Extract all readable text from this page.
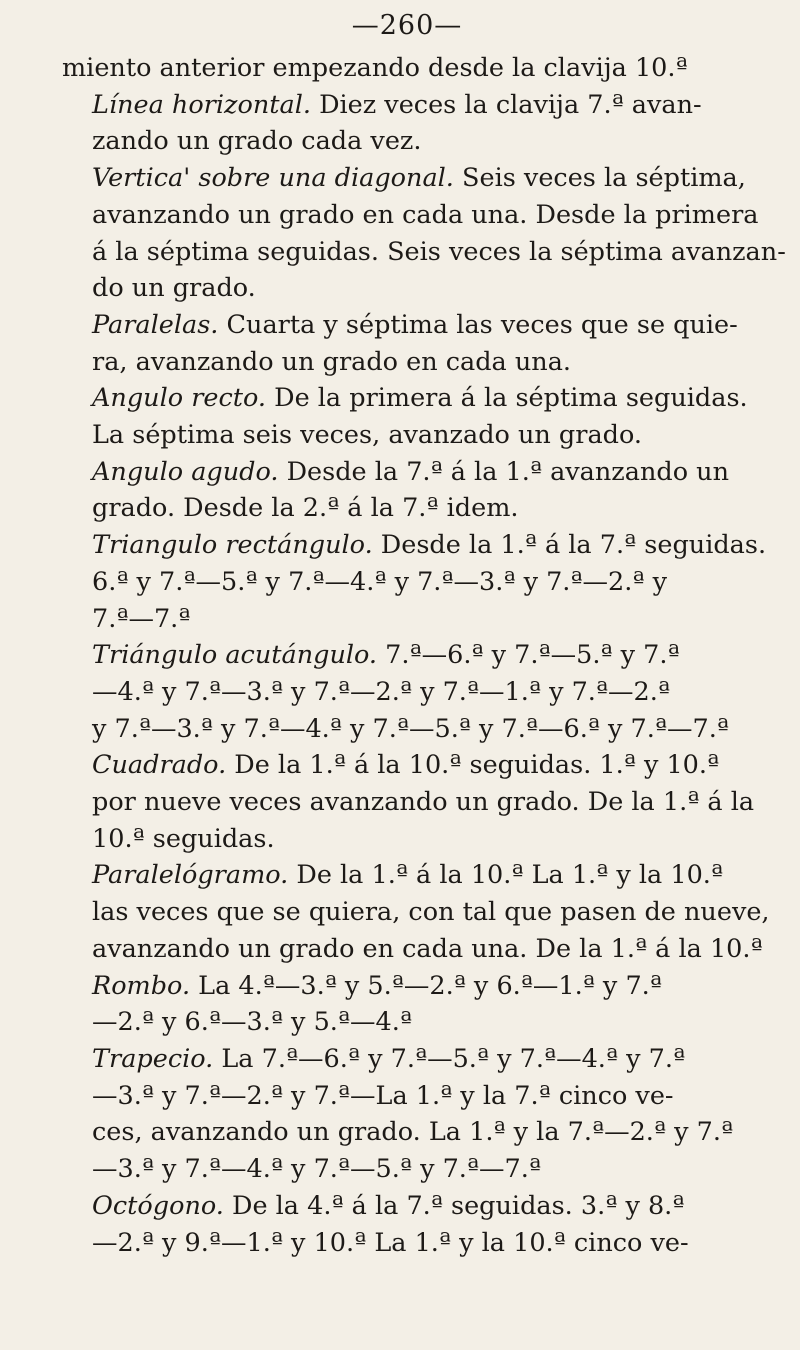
—260—
miento anterior empezando desde la clavija 10.ª
Línea horizontal. Diez veces la clavija 7.ª avan-
zando un grado cada vez.
Vertica' sobre una diagonal. Seis veces la séptima,
avanzando un grado en cada una. Desde la primera
á la séptima seguidas. Seis veces la séptima avanzan-
do un grado.
Paralelas. Cuarta y séptima las veces que se quie-
ra, avanzando un grado en cada una.
Angulo recto. De la primera á la séptima seguidas.
La séptima seis veces, avanzado un grado.
Angulo agudo. Desde la 7.ª á la 1.ª avanzando un
grado. Desde la 2.ª á la 7.ª idem.
Triangulo rectángulo. Desde la 1.ª á la 7.ª seguidas.
6.ª y 7.ª—5.ª y 7.ª—4.ª y 7.ª—3.ª y 7.ª—2.ª y
7.ª—7.ª
Triángulo acutángulo. 7.ª—6.ª y 7.ª—5.ª y 7.ª
—4.ª y 7.ª—3.ª y 7.ª—2.ª y 7.ª—1.ª y 7.ª—2.ª
y 7.ª—3.ª y 7.ª—4.ª y 7.ª—5.ª y 7.ª—6.ª y 7.ª—7.ª
Cuadrado. De la 1.ª á la 10.ª seguidas. 1.ª y 10.ª
por nueve veces avanzando un grado. De la 1.ª á la
10.ª seguidas.
Paralelógramo. De la 1.ª á la 10.ª La 1.ª y la 10.ª
las veces que se quiera, con tal que pasen de nueve,
avanzando un grado en cada una. De la 1.ª á la 10.ª
Rombo. La 4.ª—3.ª y 5.ª—2.ª y 6.ª—1.ª y 7.ª
—2.ª y 6.ª—3.ª y 5.ª—4.ª
Trapecio. La 7.ª—6.ª y 7.ª—5.ª y 7.ª—4.ª y 7.ª
—3.ª y 7.ª—2.ª y 7.ª—La 1.ª y la 7.ª cinco ve-
ces, avanzando un grado. La 1.ª y la 7.ª—2.ª y 7.ª
—3.ª y 7.ª—4.ª y 7.ª—5.ª y 7.ª—7.ª
Octógono. De la 4.ª á la 7.ª seguidas. 3.ª y 8.ª
—2.ª y 9.ª—1.ª y 10.ª La 1.ª y la 10.ª cinco ve-
